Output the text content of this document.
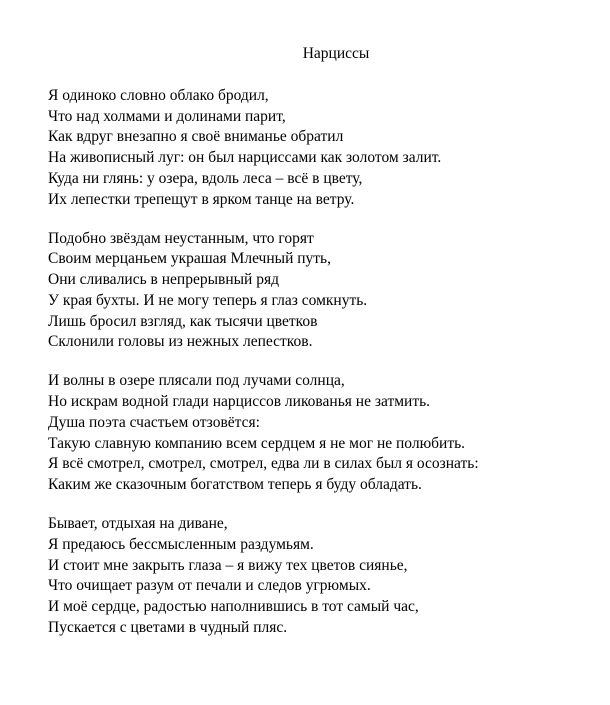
Нарциссы
Я одиноко словно облако бродил,
Что над холмами и долинами парит,
Как вдруг внезапно я своё вниманье обратил
На живописный луг: он был нарциссами как золотом залит.
Куда ни глянь: у озера, вдоль леса – всё в цвету,
Их лепестки трепещут в ярком танце на ветру.
Подобно звёздам неустанным, что горят
Своим мерцаньем украшая Млечный путь,
Они сливались в непрерывный ряд
У края бухты. И не могу теперь я глаз сомкнуть.
Лишь бросил взгляд, как тысячи цветков
Склонили головы из нежных лепестков.
И волны в озере плясали под лучами солнца,
Но искрам водной глади нарциссов ликованья не затмить.
Душа поэта счастьем отзовётся:
Такую славную компанию всем сердцем я не мог не полюбить.
Я всё смотрел, смотрел, смотрел, едва ли в силах был я осознать:
Каким же сказочным богатством теперь я буду обладать.
Бывает, отдыхая на диване,
Я предаюсь бессмысленным раздумьям.
И стоит мне закрыть глаза – я вижу тех цветов сиянье,
Что очищает разум от печали и следов угрюмых.
И моё сердце, радостью наполнившись в тот самый час,
Пускается с цветами в чудный пляс.
